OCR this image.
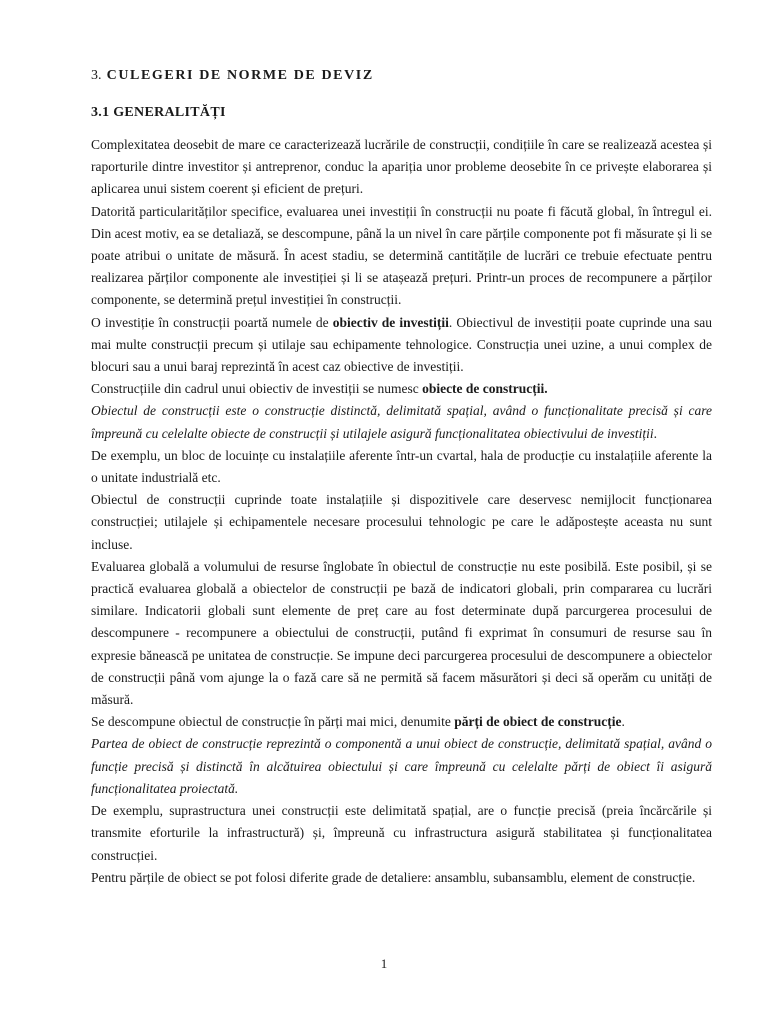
3. CULEGERI DE NORME DE DEVIZ
3.1 GENERALITĂȚI

Complexitatea deosebit de mare ce caracterizează lucrările de construcții, condițiile în care se realizează acestea și raporturile dintre investitor și antreprenor, conduc la apariția unor probleme deosebite în ce privește elaborarea și aplicarea unui sistem coerent și eficient de prețuri.

Datorită particularităților specifice, evaluarea unei investiții în construcții nu poate fi făcută global, în întregul ei. Din acest motiv, ea se detaliază, se descompune, până la un nivel în care părțile componente pot fi măsurate și li se poate atribui o unitate de măsură. În acest stadiu, se determină cantitățile de lucrări ce trebuie efectuate pentru realizarea părților componente ale investiției și li se atașează prețuri. Printr-un proces de recompunere a părților componente, se determină prețul investiției în construcții.

O investiție în construcții poartă numele de obiectiv de investiții. Obiectivul de investiții poate cuprinde una sau mai multe construcții precum și utilaje sau echipamente tehnologice. Construcția unei uzine, a unui complex de blocuri sau a unui baraj reprezintă în acest caz obiective de investiții.

Construcțiile din cadrul unui obiectiv de investiții se numesc obiecte de construcții.

Obiectul de construcții este o construcție distinctă, delimitată spațial, având o funcționalitate precisă și care împreună cu celelalte obiecte de construcții și utilajele asigură funcționalitatea obiectivului de investiții.

De exemplu, un bloc de locuințe cu instalațiile aferente într-un cvartal, hala de producție cu instalațiile aferente la o unitate industrială etc.

Obiectul de construcții cuprinde toate instalațiile și dispozitivele care deservesc nemijlocit funcționarea construcției; utilajele și echipamentele necesare procesului tehnologic pe care le adăpostește aceasta nu sunt incluse.

Evaluarea globală a volumului de resurse înglobate în obiectul de construcție nu este posibilă. Este posibil, și se practică evaluarea globală a obiectelor de construcții pe bază de indicatori globali, prin compararea cu lucrări similare. Indicatorii globali sunt elemente de preț care au fost determinate după parcurgerea procesului de descompunere - recompunere a obiectului de construcții, putând fi exprimat în consumuri de resurse sau în expresie bănească pe unitatea de construcție. Se impune deci parcurgerea procesului de descompunere a obiectelor de construcții până vom ajunge la o fază care să ne permită să facem măsurători și deci să operăm cu unități de măsură.

Se descompune obiectul de construcție în părți mai mici, denumite părți de obiect de construcție.

Partea de obiect de construcție reprezintă o componentă a unui obiect de construcție, delimitată spațial, având o funcție precisă și distinctă în alcătuirea obiectului și care împreună cu celelalte părți de obiect îi asigură funcționalitatea proiectată.

De exemplu, suprastructura unei construcții este delimitată spațial, are o funcție precisă (preia încărcările și transmite eforturile la infrastructură) și, împreună cu infrastructura asigură stabilitatea și funcționalitatea construcției.

Pentru părțile de obiect se pot folosi diferite grade de detaliere: ansamblu, subansamblu, element de construcție.

1
